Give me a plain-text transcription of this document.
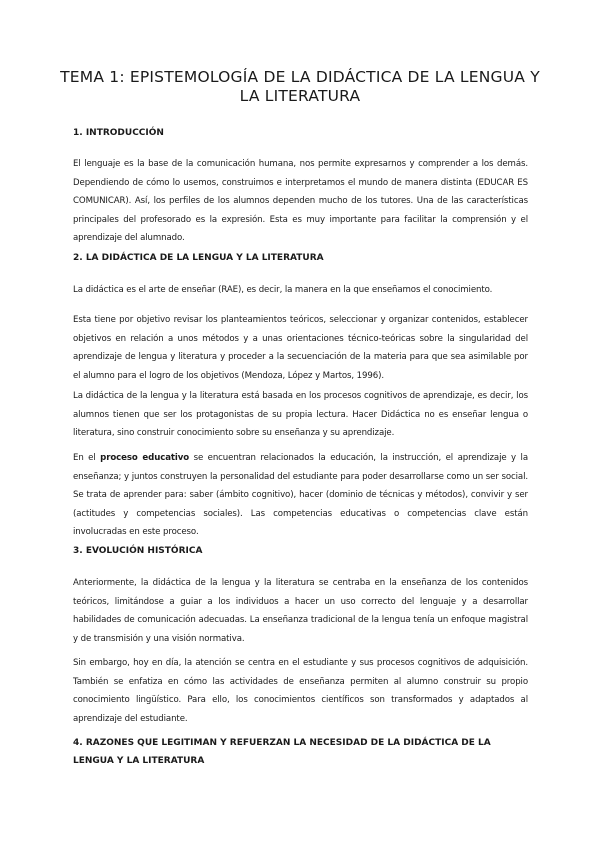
TEMA 1: EPISTEMOLOGÍA DE LA DIDÁCTICA DE LA LENGUA Y LA LITERATURA
1. INTRODUCCIÓN

El lenguaje es la base de la comunicación humana, nos permite expresarnos y comprender a los demás. Dependiendo de cómo lo usemos, construimos e interpretamos el mundo de manera distinta (EDUCAR ES COMUNICAR). Así, los perfiles de los alumnos dependen mucho de los tutores. Una de las características principales del profesorado es la expresión. Esta es muy importante para facilitar la comprensión y el aprendizaje del alumnado.

2. LA DIDÁCTICA DE LA LENGUA Y LA LITERATURA

La didáctica es el arte de enseñar (RAE), es decir, la manera en la que enseñamos el conocimiento.

Esta tiene por objetivo revisar los planteamientos teóricos, seleccionar y organizar contenidos, establecer objetivos en relación a unos métodos y a unas orientaciones técnico-teóricas sobre la singularidad del aprendizaje de lengua y literatura y proceder a la secuenciación de la materia para que sea asimilable por el alumno para el logro de los objetivos (Mendoza, López y Martos, 1996).

La didáctica de la lengua y la literatura está basada en los procesos cognitivos de aprendizaje, es decir, los alumnos tienen que ser los protagonistas de su propia lectura. Hacer Didáctica no es enseñar lengua o literatura, sino construir conocimiento sobre su enseñanza y su aprendizaje.

En el proceso educativo se encuentran relacionados la educación, la instrucción, el aprendizaje y la enseñanza; y juntos construyen la personalidad del estudiante para poder desarrollarse como un ser social. Se trata de aprender para: saber (ámbito cognitivo), hacer (dominio de técnicas y métodos), convivir y ser (actitudes y competencias sociales). Las competencias educativas o competencias clave están involucradas en este proceso.

3. EVOLUCIÓN HISTÓRICA

Anteriormente, la didáctica de la lengua y la literatura se centraba en la enseñanza de los contenidos teóricos, limitándose a guiar a los individuos a hacer un uso correcto del lenguaje y a desarrollar habilidades de comunicación adecuadas. La enseñanza tradicional de la lengua tenía un enfoque magistral y de transmisión y una visión normativa.

Sin embargo, hoy en día, la atención se centra en el estudiante y sus procesos cognitivos de adquisición. También se enfatiza en cómo las actividades de enseñanza permiten al alumno construir su propio conocimiento lingüístico. Para ello, los conocimientos científicos son transformados y adaptados al aprendizaje del estudiante.

4. RAZONES QUE LEGITIMAN Y REFUERZAN LA NECESIDAD DE LA DIDÁCTICA DE LA LENGUA Y LA LITERATURA
